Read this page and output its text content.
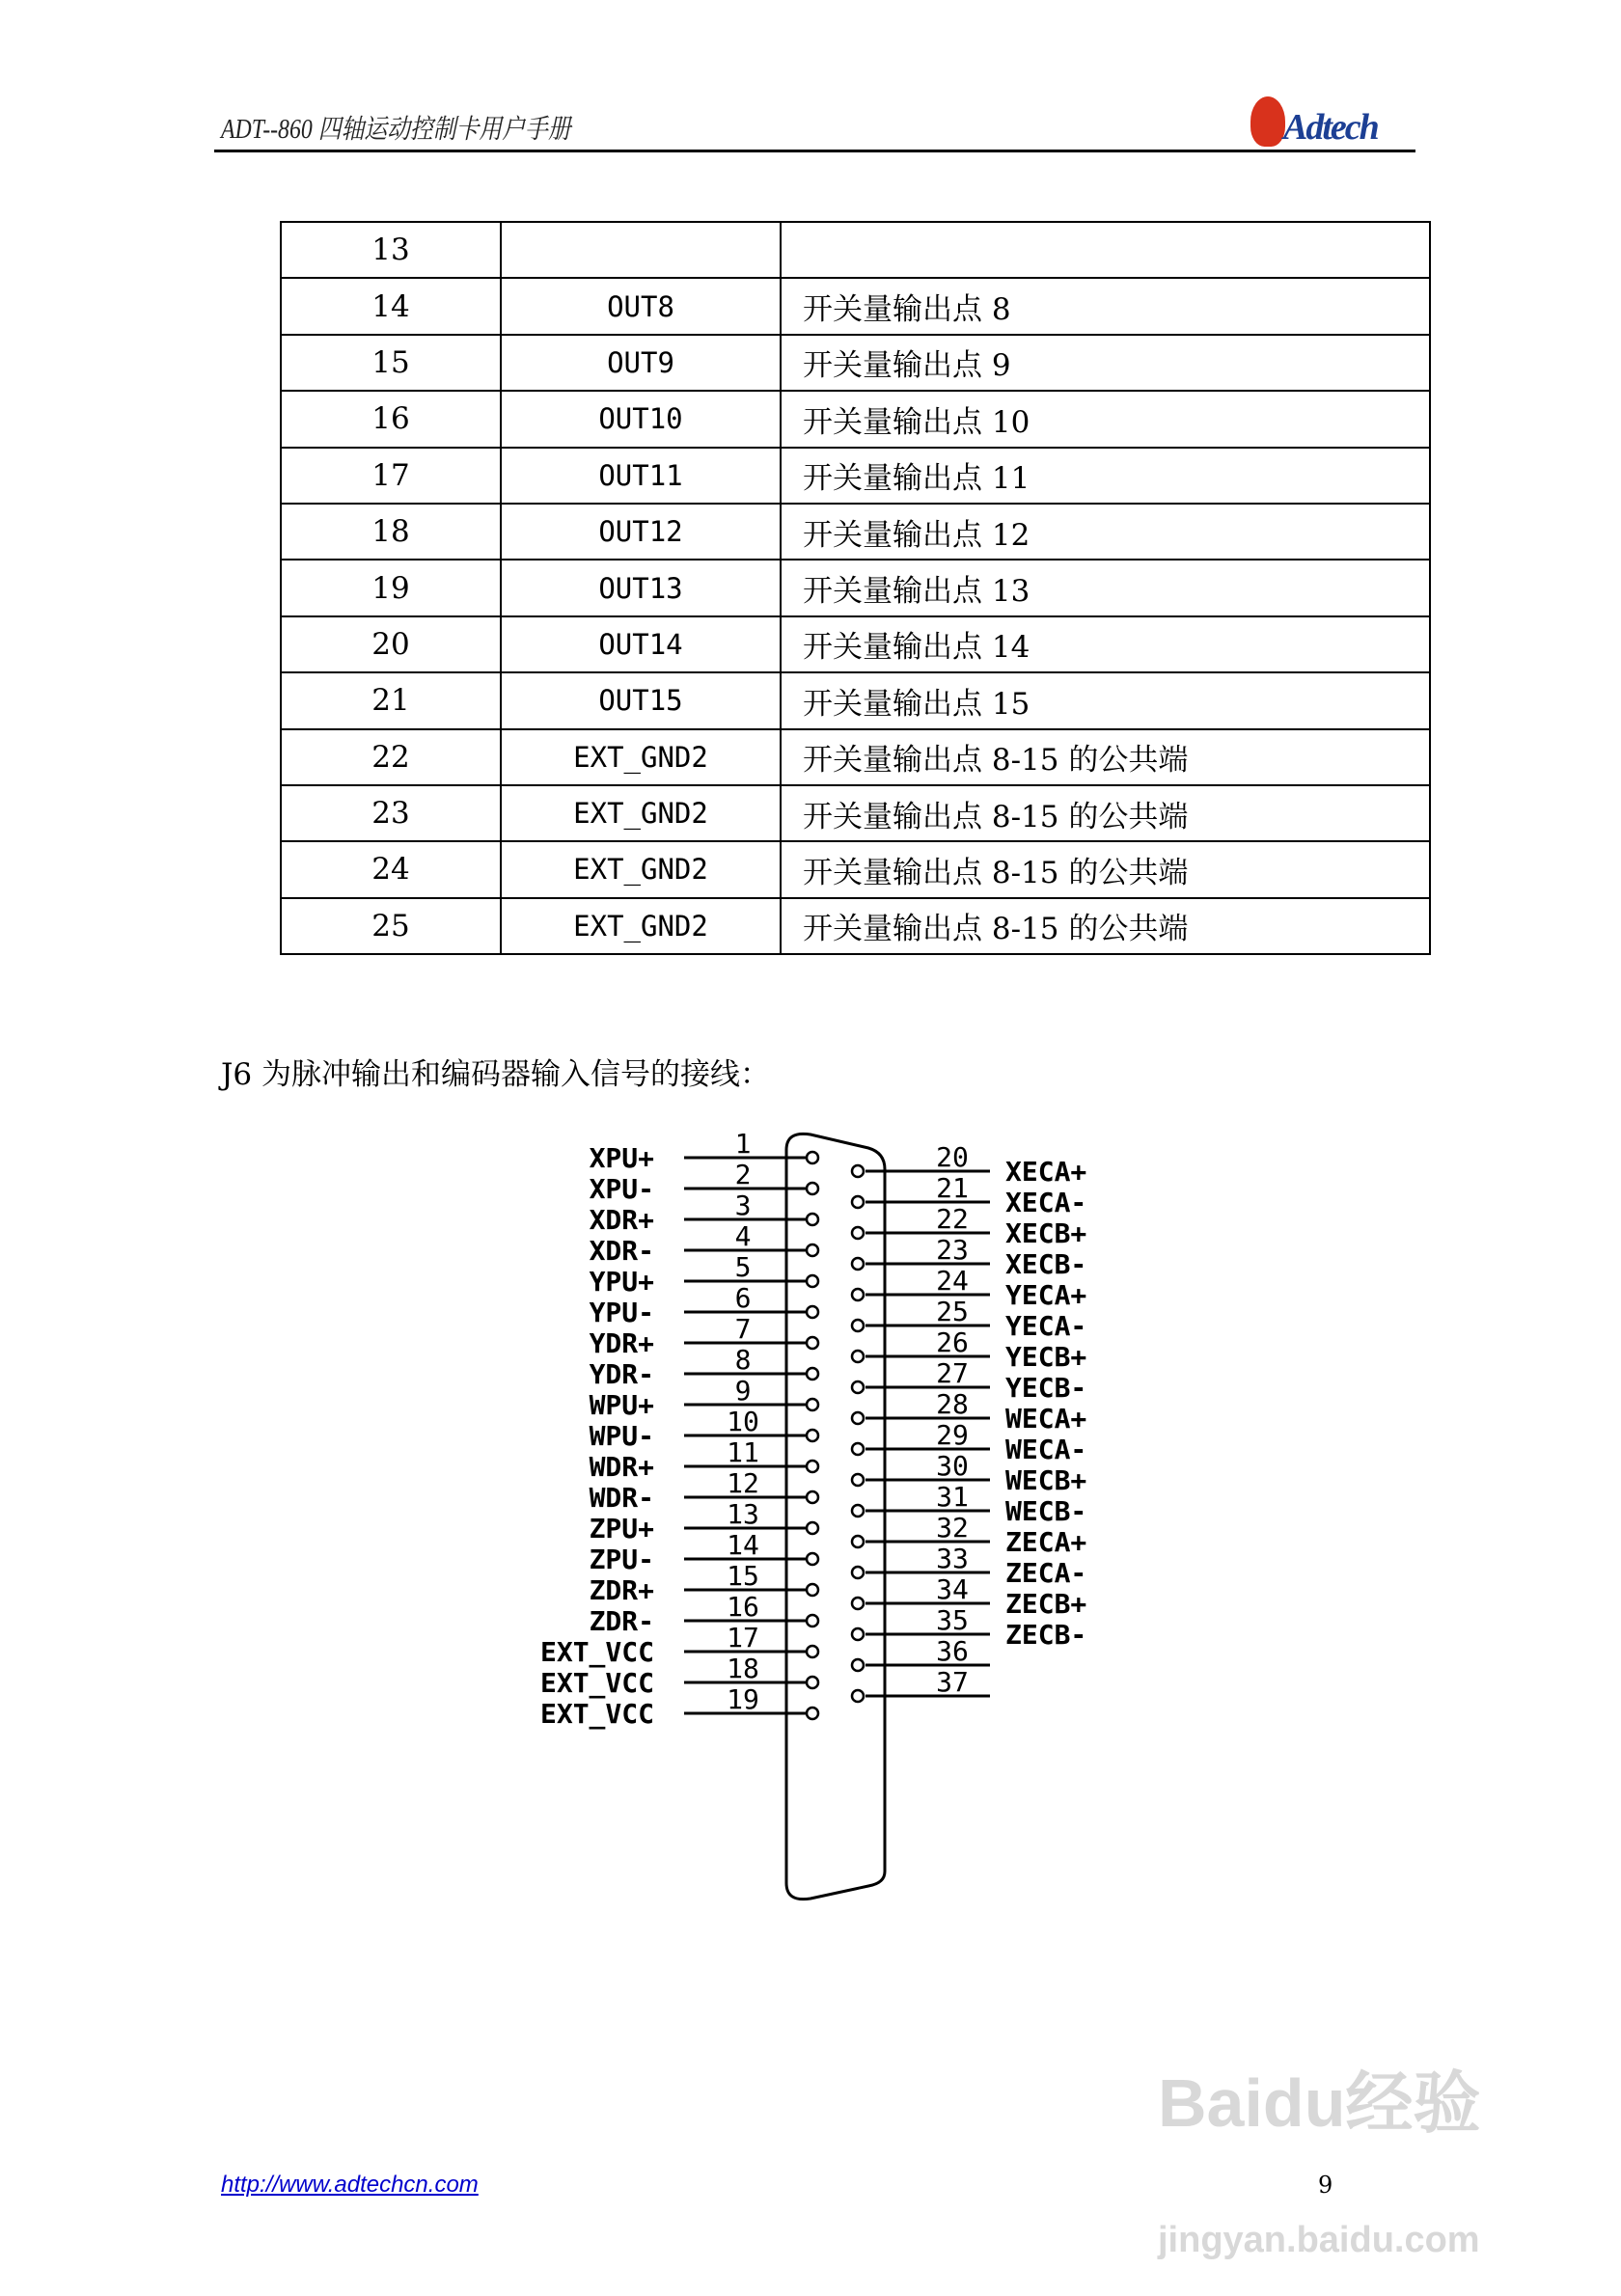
ADT--860 四轴运动控制卡用户手册	Adtech
13		
14	OUT8	开关量输出点 8
15	OUT9	开关量输出点 9
16	OUT10	开关量输出点 10
17	OUT11	开关量输出点 11
18	OUT12	开关量输出点 12
19	OUT13	开关量输出点 13
20	OUT14	开关量输出点 14
21	OUT15	开关量输出点 15
22	EXT_GND2	开关量输出点 8-15 的公共端
23	EXT_GND2	开关量输出点 8-15 的公共端
24	EXT_GND2	开关量输出点 8-15 的公共端
25	EXT_GND2	开关量输出点 8-15 的公共端
J6 为脉冲输出和编码器输入信号的接线：
1
XPU+
2
XPU-
3
XDR+
4
XDR-
5
YPU+
6
YPU-
7
YDR+
8
YDR-
9
WPU+
10
WPU-
11
WDR+
12
WDR-
13
ZPU+
14
ZPU-
15
ZDR+
16
ZDR-
17
EXT_VCC
18
EXT_VCC
19
EXT_VCC
20 XECA+
21 XECA-
22 XECB+
23 XECB-
24 YECA+
25 YECA-
26 YECB+
27 YECB-
28 WECA+
29 WECA-
30 WECB+
31 WECB-
32 ZECA+
33 ZECA-
34 ZECB+
35 ZECB-
36
37
http://www.adtechcn.com	9
Baidu经验
jingyan.baidu.com
